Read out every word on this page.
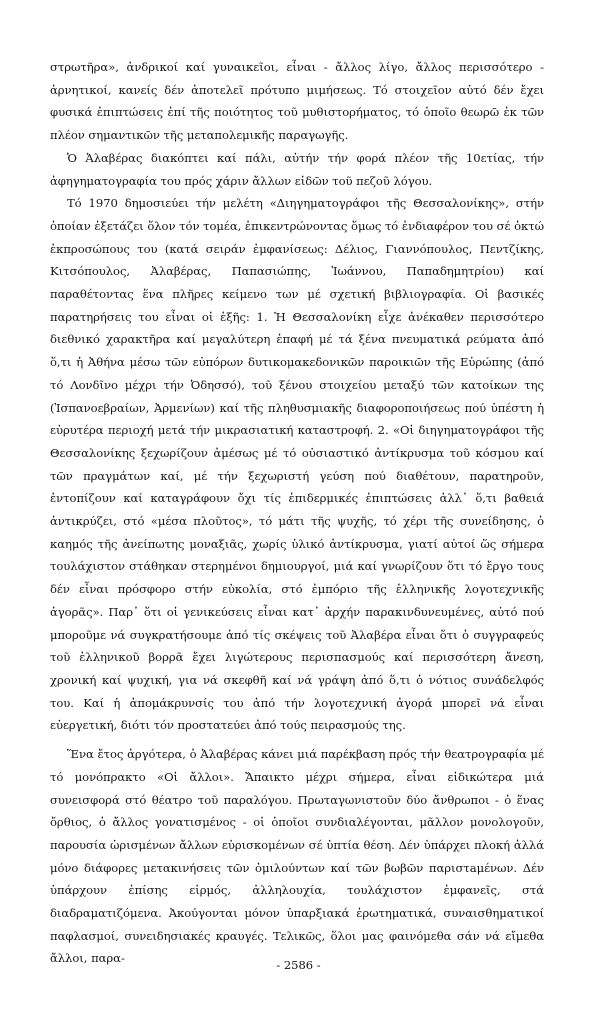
στρωτῆρα», ἀνδρικοί καί γυναικεῖοι, εἶναι - ἄλλος λίγο, ἄλλος περισσότερο - ἀρνητικοί, κανείς δέν ἀποτελεῖ πρότυπο μιμήσεως. Τό στοιχεῖον αὐτό δέν ἔχει φυσικά ἐπιπτώσεις ἐπί τῆς ποιότητος τοῦ μυθιστορήματος, τό ὁποῖο θεωρῶ ἐκ τῶν πλέον σημαντικῶν τῆς μεταπολεμικῆς παραγωγῆς.

Ὁ Ἀλαβέρας διακόπτει καί πάλι, αὐτήν τήν φορά πλέον τῆς 10ετίας, τήν ἀφηγηματογραφία του πρός χάριν ἄλλων εἰδῶν τοῦ πεζοῦ λόγου.

Τό 1970 δημοσιεύει τήν μελέτη «Διηγηματογράφοι τῆς Θεσσαλονίκης», στήν ὁποίαν ἐξετάζει ὅλον τόν τομέα, ἐπικεντρώνοντας ὅμως τό ἐνδιαφέρον του σέ ὀκτώ ἐκπροσώπους του (κατά σειράν ἐμφανίσεως: Δέλιος, Γιαννόπουλος, Πεντζίκης, Κιτσόπουλος, Ἀλαβέρας, Παπασιώπης, Ἰωάννου, Παπαδημητρίου) καί παραθέτοντας ἕνα πλῆρες κείμενο των μέ σχετική βιβλιογραφία. Οἱ βασικές παρατηρήσεις του εἶναι οἱ ἑξῆς: 1. Ἡ Θεσσαλονίκη εἶχε ἀνέκαθεν περισσότερο διεθνικό χαρακτῆρα καί μεγαλύτερη ἐπαφή μέ τά ξένα πνευματικά ρεύματα ἀπό ὅ,τι ἡ Ἀθήνα μέσω τῶν εὐπόρων δυτικομακεδονικῶν παροικιῶν τῆς Εὐρώπης (ἀπό τό Λονδῖνο μέχρι τήν Ὀδησσό), τοῦ ξένου στοιχείου μεταξύ τῶν κατοίκων της (Ἰσπανοεβραίων, Ἀρμενίων) καί τῆς πληθυσμιακῆς διαφοροποιήσεως πού ὑπέστη ἡ εὐρυτέρα περιοχή μετά τήν μικρασιατική καταστροφή. 2. «Οἱ διηγηματογράφοι τῆς Θεσσαλονίκης ξεχωρίζουν ἀμέσως μέ τό οὐσιαστικό ἀντίκρυσμα τοῦ κόσμου καί τῶν πραγμάτων καί, μέ τήν ξεχωριστή γεύση πού διαθέτουν, παρατηροῦν, ἐντοπίζουν καί καταγράφουν ὄχι τίς ἐπιδερμικές ἐπιπτώσεις ἀλλ᾽ ὅ,τι βαθειά ἀντικρύζει, στό «μέσα πλοῦτος», τό μάτι τῆς ψυχῆς, τό χέρι τῆς συνείδησης, ὁ καημός τῆς ἀνείπωτης μοναξιᾶς, χωρίς ὑλικό ἀντίκρυσμα, γιατί αὐτοί ὥς σήμερα τουλάχιστον στάθηκαν στερημένοι δημιουργοί, μιά καί γνωρίζουν ὅτι τό ἔργο τους δέν εἶναι πρόσφορο στήν εὐκολία, στό ἐμπόριο τῆς ἑλληνικῆς λογοτεχνικῆς ἀγορᾶς». Παρ᾽ ὅτι οἱ γενικεύσεις εἶναι κατ᾽ ἀρχήν παρακινδυνευμένες, αὐτό πού μποροῦμε νά συγκρατήσουμε ἀπό τίς σκέψεις τοῦ Ἀλαβέρα εἶναι ὅτι ὁ συγγραφεύς τοῦ ἑλληνικοῦ βορρᾶ ἔχει λιγώτερους περισπασμούς καί περισσότερη ἄνεση, χρονική καί ψυχική, για νά σκεφθῆ καί νά γράψη ἀπό ὅ,τι ὁ νότιος συνάδελφός του. Καί ἡ ἀπομάκρυνσίς του ἀπό τήν λογοτεχνική ἀγορά μπορεῖ νά εἶναι εὐεργετική, διότι τόν προστατεύει ἀπό τούς πειρασμούς της.

Ἕνα ἔτος ἀργότερα, ὁ Ἀλαβέρας κάνει μιά παρέκβαση πρός τήν θεατρογραφία μέ τό μονόπρακτο «Οἱ ἄλλοι». Ἄπαικτο μέχρι σήμερα, εἶναι εἰδικώτερα μιά συνεισφορά στό θέατρο τοῦ παραλόγου. Πρωταγωνιστοῦν δύο ἄνθρωποι - ὁ ἕνας ὄρθιος, ὁ ἄλλος γονατισμένος - οἱ ὁποῖοι συνδιαλέγονται, μᾶλλον μονολογοῦν, παρουσία ὡρισμένων ἄλλων εὑρισκομένων σέ ὑπτία θέση. Δέν ὑπάρχει πλοκή ἀλλά μόνο διάφορες μετακινήσεις τῶν ὁμιλούντων καί τῶν βωβῶν παριστaμένων. Δέν ὑπάρχουν ἐπίσης εἱρμός, ἀλληλουχία, τουλάχιστον ἐμφανεῖς, στά διαδραματιζόμενα. Ἀκούγονται μόνον ὑπαρξιακά ἐρωτηματικά, συναισθηματικοί παφλασμοί, συνειδησιακές κραυγές. Τελικῶς, ὅλοι μας φαινόμεθα σάν νά εἴμεθα ἄλλοι, παρα-	- 2586 -
